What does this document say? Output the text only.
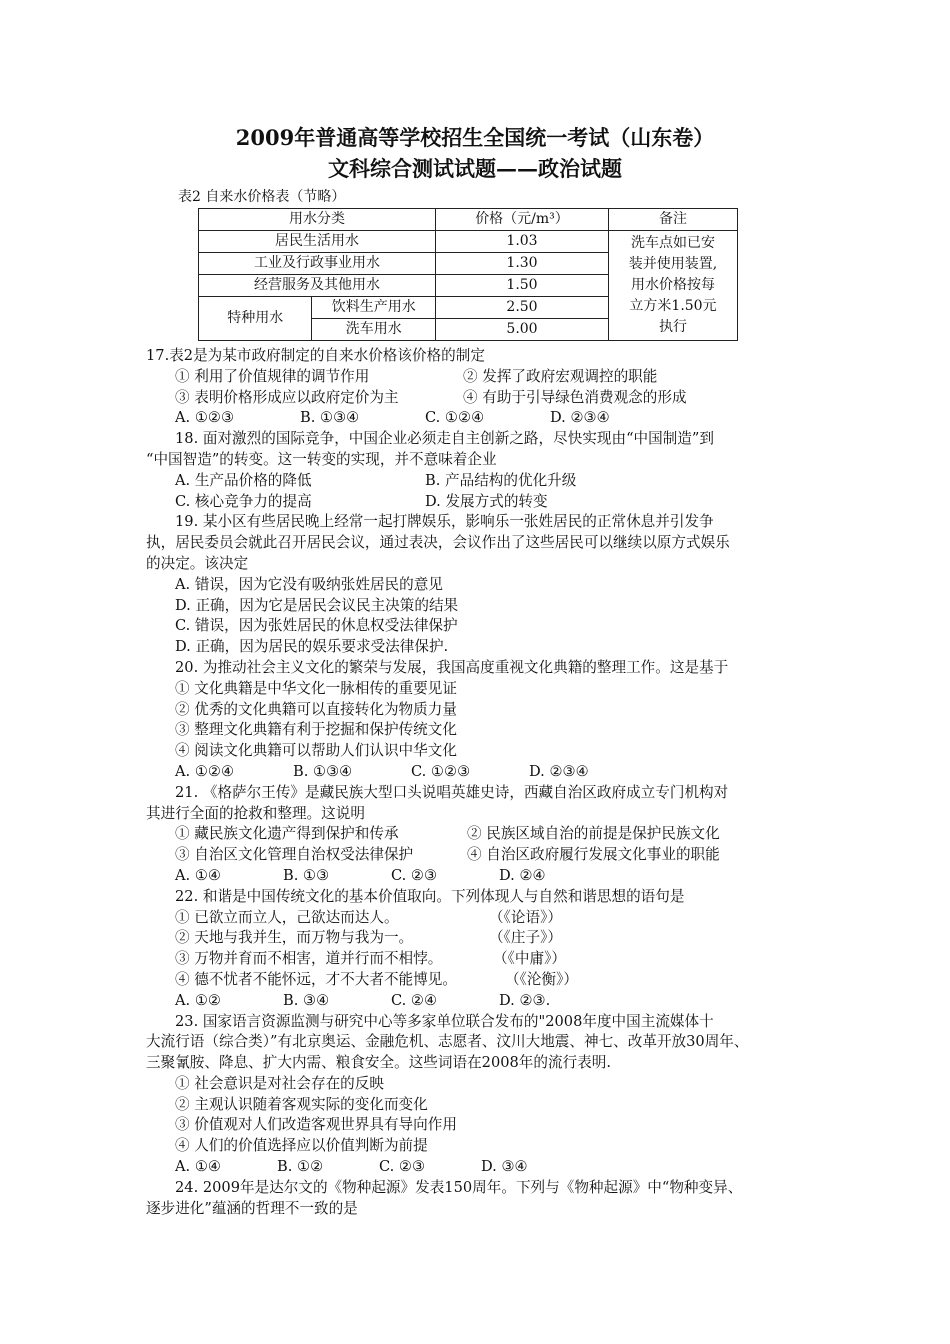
2009年普通高等学校招生全国统一考试（山东卷）
文科综合测试试题——政治试题
表2 自来水价格表（节略）
用水分类		价格（元/m³）	备注
居民生活用水		1.03	洗车点如已安
装并使用装置,
用水价格按每
立方米1.50元
执行

工业及行政事业用水		1.30	
经营服务及其他用水		1.50	
特种用水	饮料生产用水	2.50	
	洗车用水	5.00	
17.表2是为某市政府制定的自来水价格该价格的制定
① 利用了价值规律的调节作用	② 发挥了政府宏观调控的职能
③ 表明价格形成应以政府定价为主	④ 有助于引导绿色消费观念的形成
A. ①②③	B. ①③④	C. ①②④	D. ②③④
18. 面对激烈的国际竞争，中国企业必须走自主创新之路，尽快实现由“中国制造”到
“中国智造”的转变。这一转变的实现，并不意味着企业
A. 生产品价格的降低	B. 产品结构的优化升级
C. 核心竞争力的提高	D. 发展方式的转变
19. 某小区有些居民晚上经常一起打牌娱乐，影响乐一张姓居民的正常休息并引发争
执，居民委员会就此召开居民会议，通过表决，会议作出了这些居民可以继续以原方式娱乐
的决定。该决定
A. 错误，因为它没有吸纳张姓居民的意见
D. 正确，因为它是居民会议民主决策的结果
C. 错误，因为张姓居民的休息权受法律保护
D. 正确，因为居民的娱乐要求受法律保护.
20. 为推动社会主义文化的繁荣与发展，我国高度重视文化典籍的整理工作。这是基于
① 文化典籍是中华文化一脉相传的重要见证
② 优秀的文化典籍可以直接转化为物质力量
③ 整理文化典籍有利于挖掘和保护传统文化
④ 阅读文化典籍可以帮助人们认识中华文化
A. ①②④	B. ①③④	C. ①②③	D. ②③④
21. 《格萨尔王传》是藏民族大型口头说唱英雄史诗，西藏自治区政府成立专门机构对
其进行全面的抢救和整理。这说明
① 藏民族文化遗产得到保护和传承	② 民族区域自治的前提是保护民族文化
③ 自治区文化管理自治权受法律保护	④ 自治区政府履行发展文化事业的职能
A. ①④	B. ①③	C. ②③	D. ②④
22. 和谐是中国传统文化的基本价值取向。下列体现人与自然和谐思想的语句是
① 已欲立而立人，己欲达而达人。	（《论语》）
② 天地与我并生，而万物与我为一。	（《庄子》）
③ 万物并育而不相害，道并行而不相悖。	（《中庸》）
④ 德不忧者不能怀远，才不大者不能博见。	（《沦衡》）
A. ①②	B. ③④	C. ②④	D. ②③.
23. 国家语言资源监测与研究中心等多家单位联合发布的"2008年度中国主流媒体十
大流行语（综合类）”有北京奥运、金融危机、志愿者、汶川大地震、神七、改革开放30周年、
三聚氰胺、降息、扩大内需、粮食安全。这些词语在2008年的流行表明.
① 社会意识是对社会存在的反映
② 主观认识随着客观实际的变化而变化
③ 价值观对人们改造客观世界具有导向作用
④ 人们的价值选择应以价值判断为前提
A. ①④	B. ①②	C. ②③	D. ③④
24. 2009年是达尔文的《物种起源》发表150周年。下列与《物种起源》中“物种变异、
逐步进化”蕴涵的哲理不一致的是
